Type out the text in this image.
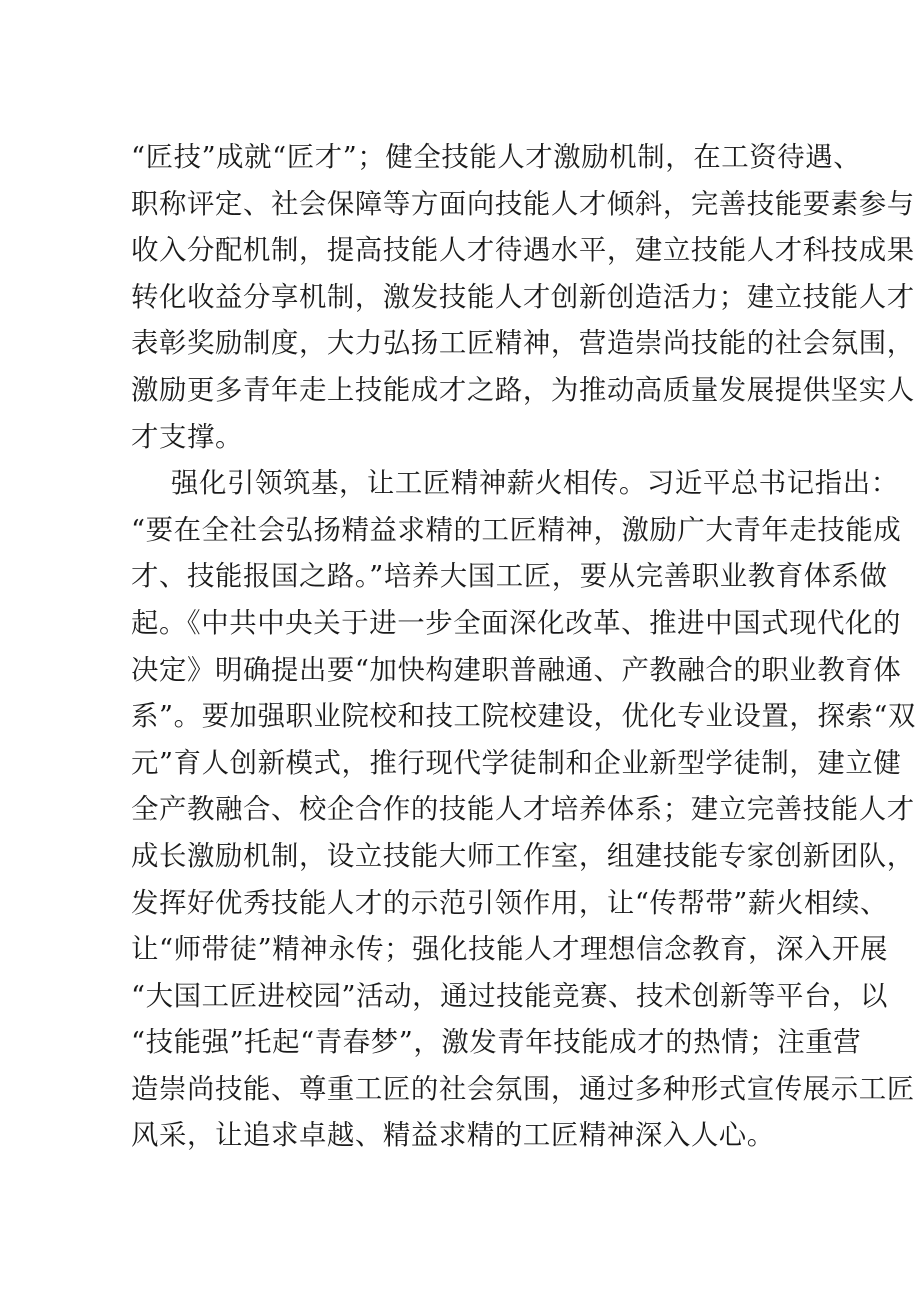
“匠技”成就“匠才”；健全技能人才激励机制，在工资待遇、
职称评定、社会保障等方面向技能人才倾斜，完善技能要素参与
收入分配机制，提高技能人才待遇水平，建立技能人才科技成果
转化收益分享机制，激发技能人才创新创造活力；建立技能人才
表彰奖励制度，大力弘扬工匠精神，营造崇尚技能的社会氛围，
激励更多青年走上技能成才之路，为推动高质量发展提供坚实人
才支撑。
强化引领筑基，让工匠精神薪火相传。习近平总书记指出：
“要在全社会弘扬精益求精的工匠精神，激励广大青年走技能成
才、技能报国之路。”培养大国工匠，要从完善职业教育体系做
起。《中共中央关于进一步全面深化改革、推进中国式现代化的
决定》明确提出要“加快构建职普融通、产教融合的职业教育体
系”。要加强职业院校和技工院校建设，优化专业设置，探索“双
元”育人创新模式，推行现代学徒制和企业新型学徒制，建立健
全产教融合、校企合作的技能人才培养体系；建立完善技能人才
成长激励机制，设立技能大师工作室，组建技能专家创新团队，
发挥好优秀技能人才的示范引领作用，让“传帮带”薪火相续、
让“师带徒”精神永传；强化技能人才理想信念教育，深入开展
“大国工匠进校园”活动，通过技能竞赛、技术创新等平台，以
“技能强”托起“青春梦”，激发青年技能成才的热情；注重营
造崇尚技能、尊重工匠的社会氛围，通过多种形式宣传展示工匠
风采，让追求卓越、精益求精的工匠精神深入人心。
